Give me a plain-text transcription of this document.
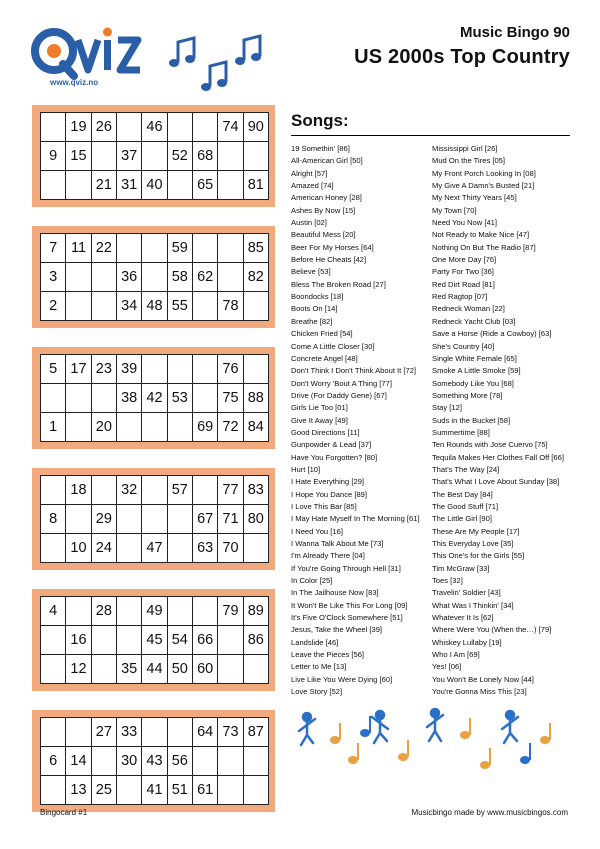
www.qviz.no
Music Bingo 90
US 2000s Top Country
	19	26		46			74	90
9	15		37		52	68		
		21	31	40		65		81
7	11	22			59			85
3			36		58	62		82
2			34	48	55		78	
5	17	23	39				76	
			38	42	53		75	88
1		20				69	72	84
	18		32		57		77	83
8		29				67	71	80
	10	24		47		63	70	
4		28		49			79	89
	16			45	54	66		86
	12		35	44	50	60		
		27	33			64	73	87
6	14		30	43	56			
	13	25		41	51	61		
Songs:
19 Somethin' [86]
All-American Girl [50]
Alright [57]
Amazed [74]
American Honey [28]
Ashes By Now [15]
Austin [02]
Beautiful Mess [20]
Beer For My Horses [64]
Before He Cheats [42]
Believe [53]
Bless The Broken Road [27]
Boondocks [18]
Boots On [14]
Breathe [82]
Chicken Fried [54]
Come A Little Closer [30]
Concrete Angel [48]
Don't Think I Don't Think About It [72]
Don't Worry 'Bout A Thing [77]
Drive (For Daddy Gene) [67]
Girls Lie Too [01]
Give It Away [49]
Good Directions [11]
Gunpowder & Lead [37]
Have You Forgotten? [80]
Hurt [10]
I Hate Everything [29]
I Hope You Dance [89]
I Love This Bar [85]
I May Hate Myself In The Morning [61]
I Need You [16]
I Wanna Talk About Me [73]
I'm Already There [04]
If You're Going Through Hell [31]
In Color [25]
In The Jailhouse Now [83]
It Won't Be Like This For Long [09]
It's Five O'Clock Somewhere [51]
Jesus, Take the Wheel [39]
Landslide [46]
Leave the Pieces [56]
Letter to Me [13]
Live Like You Were Dying [60]
Love Story [52]
Mississippi Girl [26]
Mud On the Tires [05]
My Front Porch Looking In [08]
My Give A Damn's Busted [21]
My Next Thirty Years [45]
My Town [70]
Need You Now [41]
Not Ready to Make Nice [47]
Nothing On But The Radio [87]
One More Day [76]
Party For Two [36]
Red Dirt Road [81]
Red Ragtop [07]
Redneck Woman [22]
Redneck Yacht Club [03]
Save a Horse (Ride a Cowboy) [63]
She's Country [40]
Single White Female [65]
Smoke A Little Smoke [59]
Somebody Like You [68]
Something More [78]
Stay [12]
Suds in the Bucket [58]
Summertime [88]
Ten Rounds with Jose Cuervo [75]
Tequila Makes Her Clothes Fall Off [66]
That's The Way [24]
That's What I Love About Sunday [38]
The Best Day [84]
The Good Stuff [71]
The Little Girl [90]
These Are My People [17]
This Everyday Love [35]
This One's for the Girls [55]
Tim McGraw [33]
Toes [32]
Travelin' Soldier [43]
What Was I Thinkin' [34]
Whatever It Is [62]
Where Were You (When the…) [79]
Whiskey Lullaby [19]
Who I Am [69]
Yes! [06]
You Won't Be Lonely Now [44]
You're Gonna Miss This [23]
Bingocard #1	Musicbingo made by www.musicbingos.com
